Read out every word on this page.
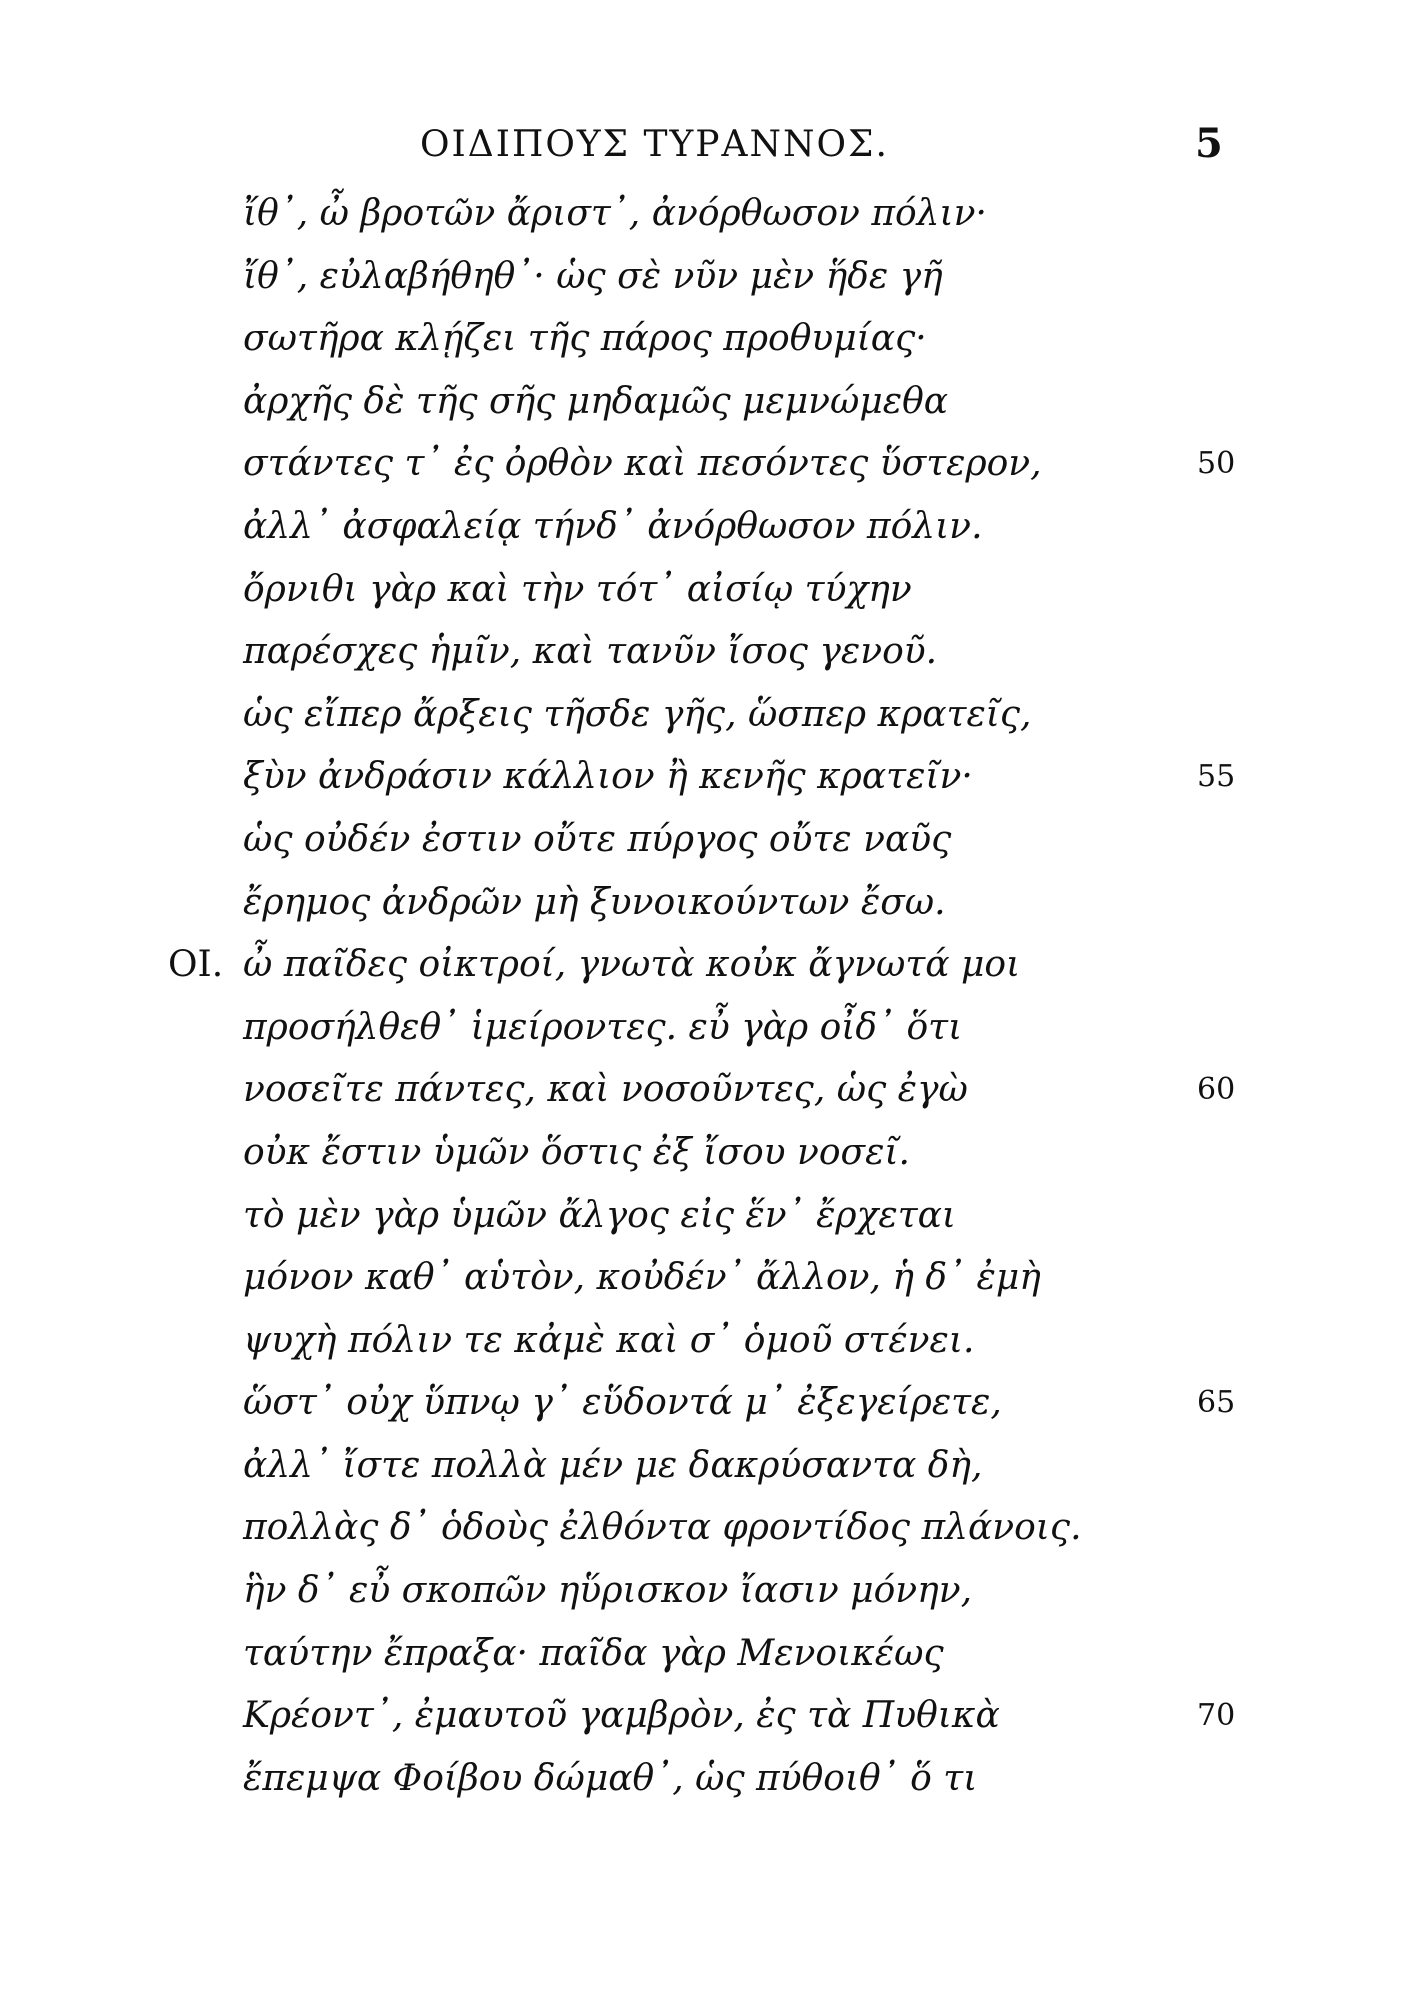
ΟΙΔΙΠΟΥΣ ΤΥΡΑΝΝΟΣ.	5
ἴθ᾽, ὦ βροτῶν ἄριστ᾽, ἀνόρθωσον πόλιν·
ἴθ᾽, εὐλαβήθηθ᾽· ὡς σὲ νῦν μὲν ἥδε γῆ
σωτῆρα κλῄζει τῆς πάρος προθυμίας·
ἀρχῆς δὲ τῆς σῆς μηδαμῶς μεμνώμεθα
στάντες τ᾽ ἐς ὀρθὸν καὶ πεσόντες ὕστερον,	50
ἀλλ᾽ ἀσφαλείᾳ τήνδ᾽ ἀνόρθωσον πόλιν.
ὄρνιθι γὰρ καὶ τὴν τότ᾽ αἰσίῳ τύχην
παρέσχες ἡμῖν, καὶ τανῦν ἴσος γενοῦ.
ὡς εἴπερ ἄρξεις τῆσδε γῆς, ὥσπερ κρατεῖς,
ξὺν ἀνδράσιν κάλλιον ἢ κενῆς κρατεῖν·	55
ὡς οὐδέν ἐστιν οὔτε πύργος οὔτε ναῦς
ἔρημος ἀνδρῶν μὴ ξυνοικούντων ἔσω.
ΟΙ. ὦ παῖδες οἰκτροί, γνωτὰ κοὐκ ἄγνωτά μοι
προσήλθεθ᾽ ἱμείροντες. εὖ γὰρ οἶδ᾽ ὅτι
νοσεῖτε πάντες, καὶ νοσοῦντες, ὡς ἐγὼ	60
οὐκ ἔστιν ὑμῶν ὅστις ἐξ ἴσου νοσεῖ.
τὸ μὲν γὰρ ὑμῶν ἄλγος εἰς ἕν᾽ ἔρχεται
μόνον καθ᾽ αὑτὸν, κοὐδέν᾽ ἄλλον, ἡ δ᾽ ἐμὴ
ψυχὴ πόλιν τε κἀμὲ καὶ σ᾽ ὁμοῦ στένει.
ὥστ᾽ οὐχ ὕπνῳ γ᾽ εὕδοντά μ᾽ ἐξεγείρετε,	65
ἀλλ᾽ ἴστε πολλὰ μέν με δακρύσαντα δὴ,
πολλὰς δ᾽ ὁδοὺς ἐλθόντα φροντίδος πλάνοις.
ἣν δ᾽ εὖ σκοπῶν ηὕρισκον ἴασιν μόνην,
ταύτην ἔπραξα· παῖδα γὰρ Μενοικέως
Κρέοντ᾽, ἐμαυτοῦ γαμβρὸν, ἐς τὰ Πυθικὰ	70
ἔπεμψα Φοίβου δώμαθ᾽, ὡς πύθοιθ᾽ ὅ τι
